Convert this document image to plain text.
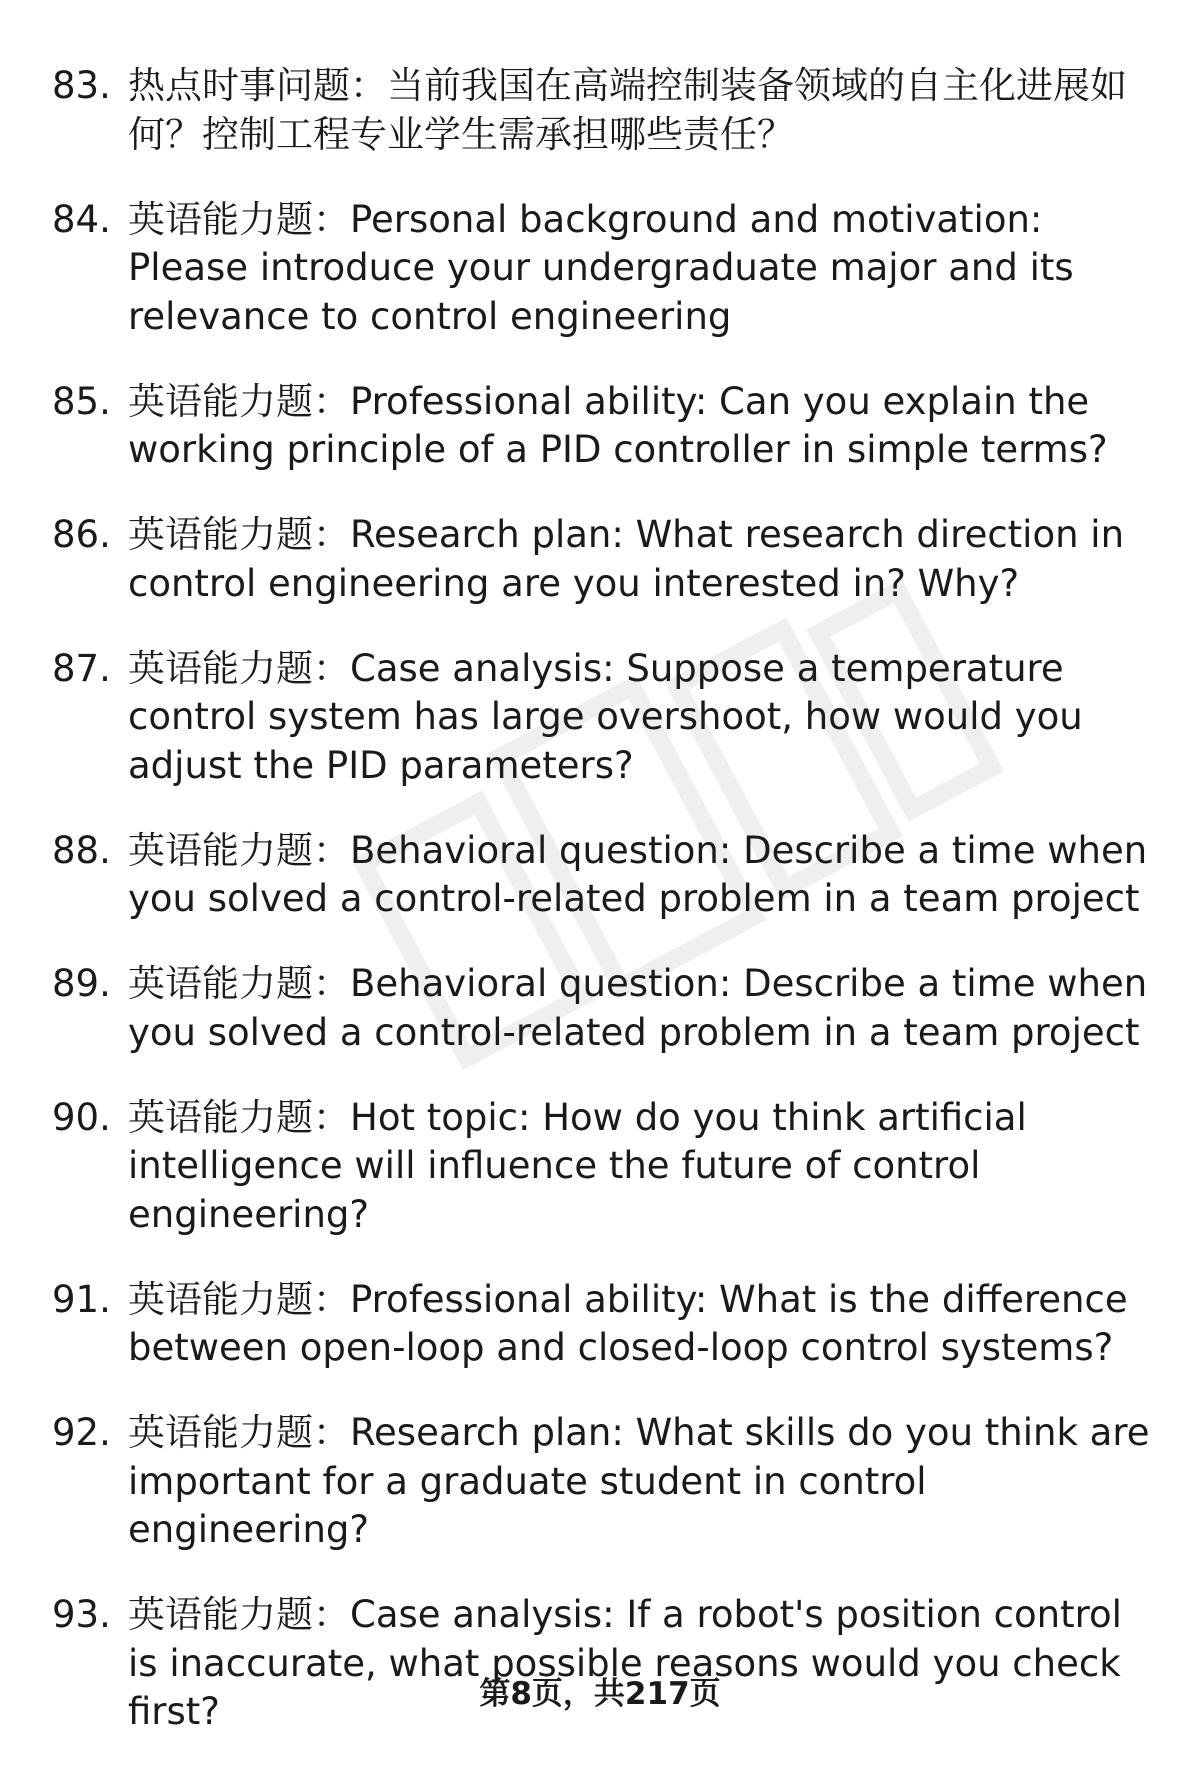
83. 热点时事问题：当前我国在高端控制装备领域的自主化进展如何？控制工程专业学生需承担哪些责任？
84. 英语能力题：Personal background and motivation: Please introduce your undergraduate major and its relevance to control engineering
85. 英语能力题：Professional ability: Can you explain the working principle of a PID controller in simple terms?
86. 英语能力题：Research plan: What research direction in control engineering are you interested in? Why?
87. 英语能力题：Case analysis: Suppose a temperature control system has large overshoot, how would you adjust the PID parameters?
88. 英语能力题：Behavioral question: Describe a time when you solved a control-related problem in a team project
89. 英语能力题：Behavioral question: Describe a time when you solved a control-related problem in a team project
90. 英语能力题：Hot topic: How do you think artificial intelligence will influence the future of control engineering?
91. 英语能力题：Professional ability: What is the difference between open-loop and closed-loop control systems?
92. 英语能力题：Research plan: What skills do you think are important for a graduate student in control engineering?
93. 英语能力题：Case analysis: If a robot's position control is inaccurate, what possible reasons would you check first?	第8页，共217页
